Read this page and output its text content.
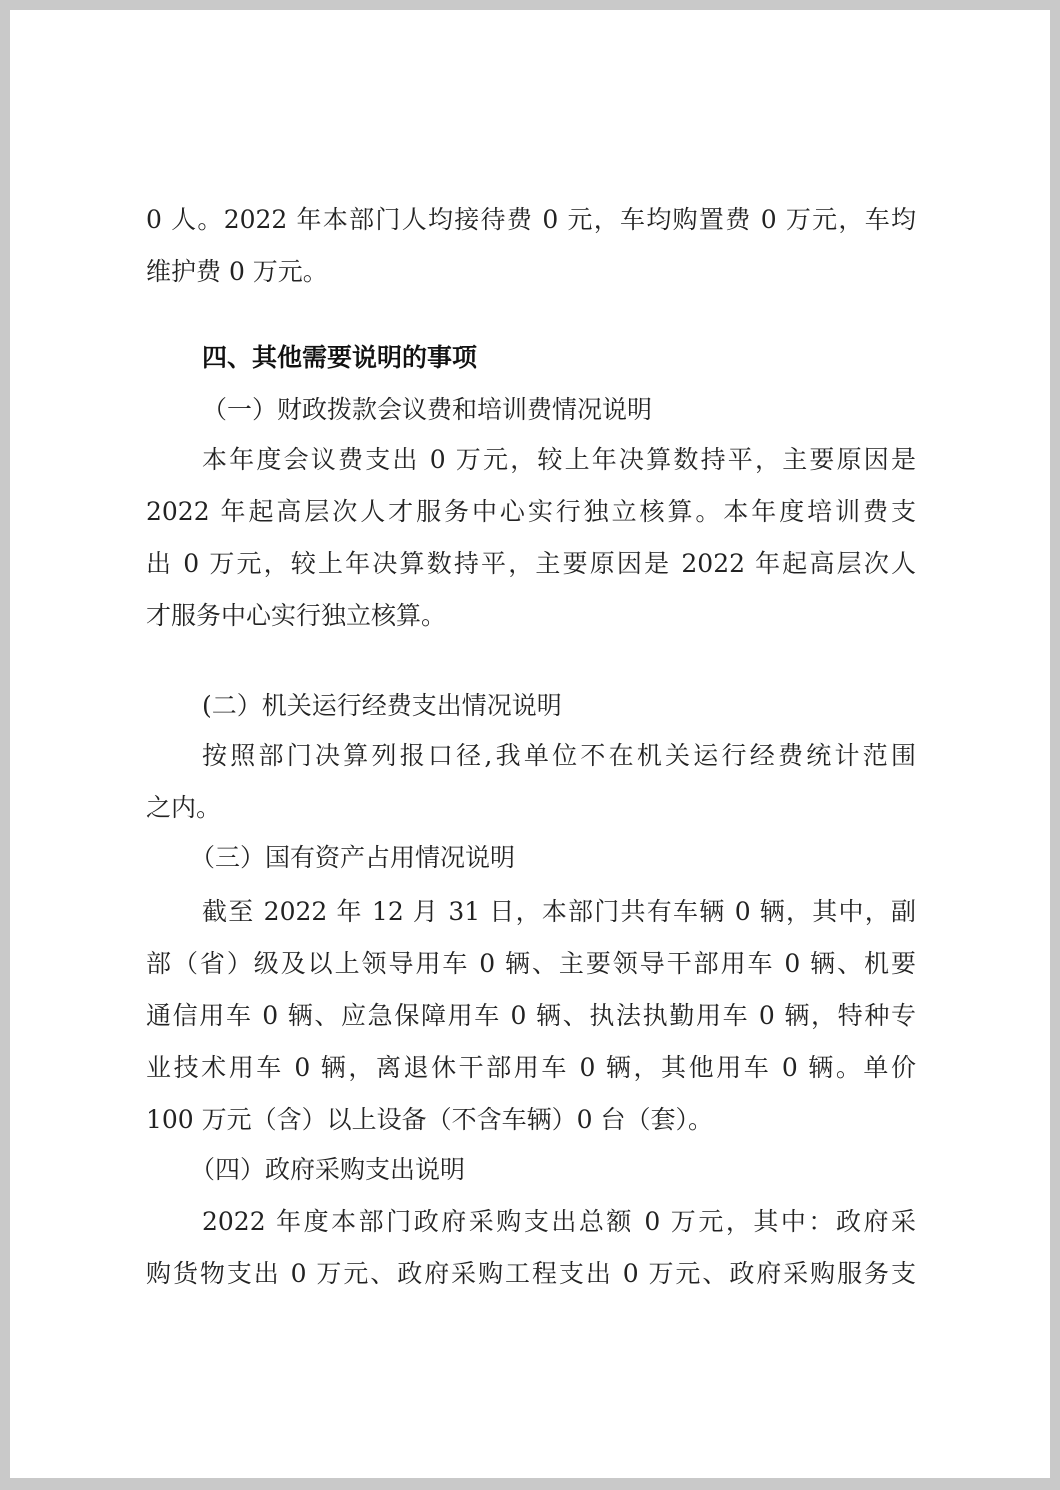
0 人。2022 年本部门人均接待费 0 元，车均购置费 0 万元，车均
维护费 0 万元。
四、其他需要说明的事项
（一）财政拨款会议费和培训费情况说明
本年度会议费支出 0 万元，较上年决算数持平，主要原因是
2022 年起高层次人才服务中心实行独立核算。本年度培训费支
出 0 万元，较上年决算数持平，主要原因是 2022 年起高层次人
才服务中心实行独立核算。
(二）机关运行经费支出情况说明
按照部门决算列报口径,我单位不在机关运行经费统计范围
之内。
（三）国有资产占用情况说明
截至 2022 年 12 月 31 日，本部门共有车辆 0 辆，其中，副
部（省）级及以上领导用车 0 辆、主要领导干部用车 0 辆、机要
通信用车 0 辆、应急保障用车 0 辆、执法执勤用车 0 辆，特种专
业技术用车 0 辆，离退休干部用车 0 辆，其他用车 0 辆。单价
100 万元（含）以上设备（不含车辆）0 台（套）。
（四）政府采购支出说明
2022 年度本部门政府采购支出总额 0 万元，其中：政府采
购货物支出 0 万元、政府采购工程支出 0 万元、政府采购服务支
